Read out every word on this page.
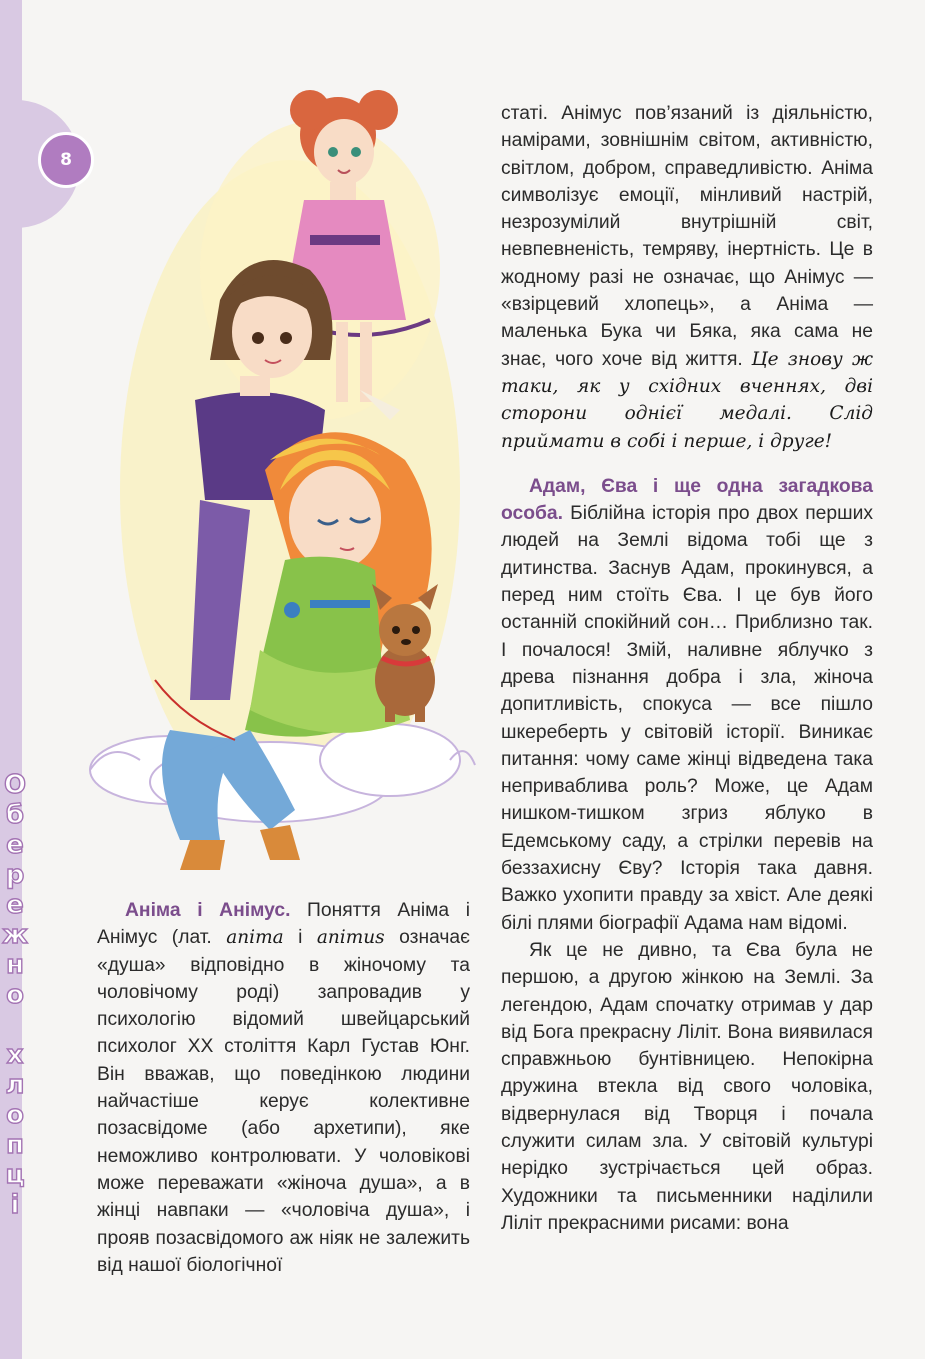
8
Обережно хлопці

статі. Анімус пов’язаний із діяльністю, намірами, зовнішнім світом, активністю, світлом, добром, справедливістю. Аніма символізує емоції, мінливий настрій, незрозумілий внутрішній світ, невпевненість, темряву, інертність. Це в жодному разі не означає, що Анімус — «взірцевий хлопець», а Аніма — маленька Бука чи Бяка, яка сама не знає, чого хоче від життя. Це знову ж таки, як у східних вченнях, дві сторони однієї медалі. Слід приймати в собі і перше, і друге!

Адам, Єва і ще одна загадкова особа. Біблійна історія про двох перших людей на Землі відома тобі ще з дитинства. Заснув Адам, прокинувся, а перед ним стоїть Єва. І це був його останній спокійний сон… Приблизно так. І почалося! Змій, наливне яблучко з древа пізнання добра і зла, жіноча допитливість, спокуса — все пішло шкереберть у світовій історії. Виникає питання: чому саме жінці відведена така неприваблива роль? Може, це Адам нишком-тишком згриз яблуко в Едемському саду, а стрілки перевів на беззахисну Єву? Історія така давня. Важко ухопити правду за хвіст. Але деякі білі плями біографії Адама нам відомі.

Як це не дивно, та Єва була не першою, а другою жінкою на Землі. За легендою, Адам спочатку отримав у дар від Бога прекрасну Ліліт. Вона виявилася справжньою бунтівницею. Непокірна дружина втекла від свого чоловіка, відвернулася від Творця і почала служити силам зла. У світовій культурі нерідко зустрічається цей образ. Художники та письменники наділили Ліліт прекрасними рисами: вона

Аніма і Анімус. Поняття Аніма і Анімус (лат. anima і animus означає «душа» відповідно в жіночому та чоловічому роді) запровадив у психологію відомий швейцарський психолог XX століття Карл Густав Юнг. Він вважав, що поведінкою людини найчастіше керує колективне позасвідоме (або архетипи), яке неможливо контролювати. У чоловікові може переважати «жіноча душа», а в жінці навпаки — «чоловіча душа», і прояв позасвідомого аж ніяк не залежить від нашої біологічної
